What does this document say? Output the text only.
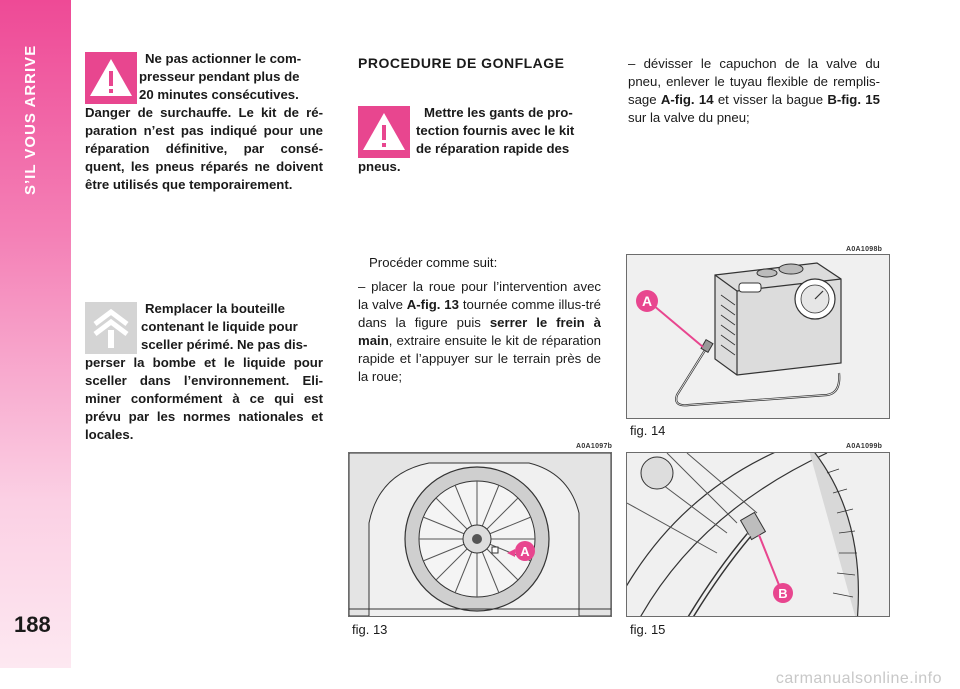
S’IL VOUS ARRIVE
188
Ne pas actionner le com-
presseur pendant plus de
20 minutes consécutives.
Danger de surchauffe. Le kit de ré-paration n’est pas indiqué pour une réparation définitive, par consé-quent, les pneus réparés ne doivent être utilisés que temporairement.
Remplacer la bouteille
contenant le liquide pour
sceller périmé. Ne pas dis-
perser la bombe et le liquide pour sceller dans l’environnement. Eli-miner conformément à ce qui est prévu par les normes nationales et locales.
PROCEDURE DE GONFLAGE
Mettre les gants de pro-
tection fournis avec le kit
de réparation rapide des
pneus.
Procéder comme suit:
– placer la roue pour l’intervention avec la valve A-fig. 13 tournée comme illus-tré dans la figure puis serrer le frein à main, extraire ensuite le kit de réparation rapide et l’appuyer sur le terrain près de la roue;
– dévisser le capuchon de la valve du pneu, enlever le tuyau flexible de remplis-sage A-fig. 14 et visser la bague B-fig. 15 sur la valve du pneu;
A0A1098b
A
fig. 14
A0A1097b
A
fig. 13
A0A1099b
B
fig. 15
carmanualsonline.info
